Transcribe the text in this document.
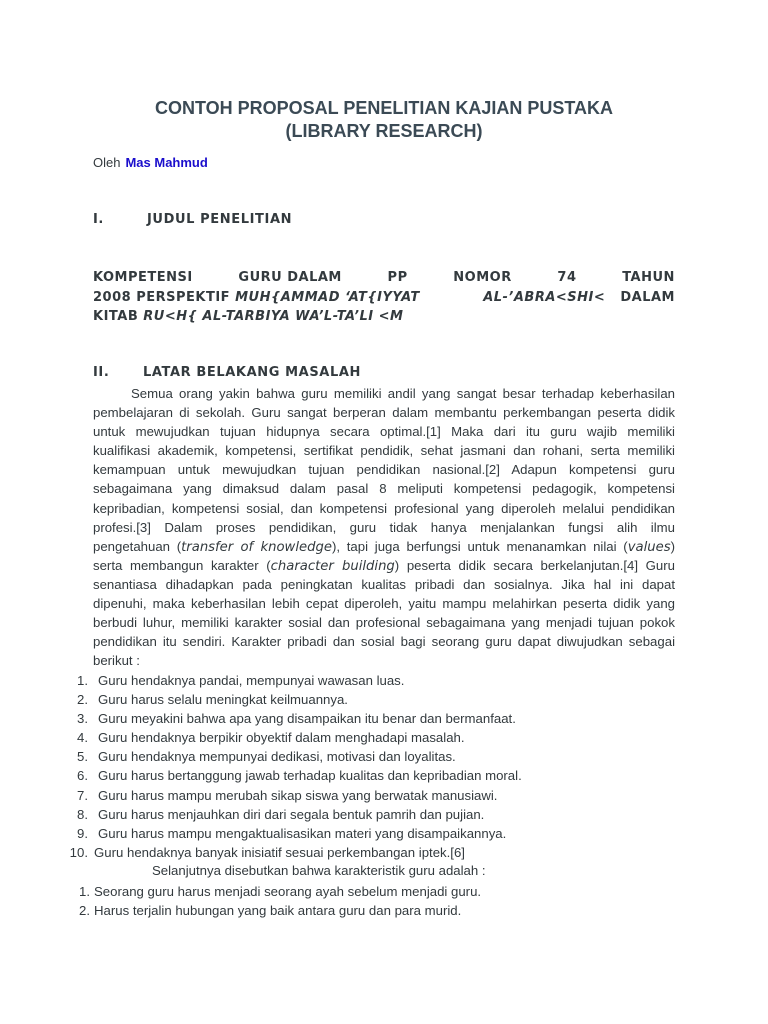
CONTOH PROPOSAL PENELITIAN KAJIAN PUSTAKA
(LIBRARY RESEARCH)
Oleh Mas Mahmud
I.	JUDUL PENELITIAN
KOMPETENSI	GURU DALAM	PP	NOMOR	74	TAHUN
2008 PERSPEKTIF MUH{AMMAD ‘AT{IYYAT	AL-’ABRA<SHI< DALAM
KITAB RU<H{ AL-TARBIYA WA’L-TA’LI <M
II.	LATAR BELAKANG MASALAH
Semua orang yakin bahwa guru memiliki andil yang sangat besar terhadap keberhasilan
pembelajaran di sekolah. Guru sangat berperan dalam membantu perkembangan peserta didik
untuk mewujudkan tujuan hidupnya secara optimal.[1] Maka dari itu guru wajib memiliki
kualifikasi akademik, kompetensi, sertifikat pendidik, sehat jasmani dan rohani, serta memiliki
kemampuan untuk mewujudkan tujuan pendidikan nasional.[2] Adapun kompetensi guru
sebagaimana yang dimaksud dalam pasal 8 meliputi kompetensi pedagogik, kompetensi
kepribadian, kompetensi sosial, dan kompetensi profesional yang diperoleh melalui pendidikan
profesi.[3] Dalam proses pendidikan, guru tidak hanya menjalankan fungsi alih ilmu
pengetahuan (transfer of knowledge), tapi juga berfungsi untuk menanamkan nilai (values)
serta membangun karakter (character building) peserta didik secara berkelanjutan.[4] Guru
senantiasa dihadapkan pada peningkatan kualitas pribadi dan sosialnya. Jika hal ini dapat
dipenuhi, maka keberhasilan lebih cepat diperoleh, yaitu mampu melahirkan peserta didik yang
berbudi luhur, memiliki karakter sosial dan profesional sebagaimana yang menjadi tujuan pokok
pendidikan itu sendiri. Karakter pribadi dan sosial bagi seorang guru dapat diwujudkan sebagai
berikut :
1. Guru hendaknya pandai, mempunyai wawasan luas.
2. Guru harus selalu meningkat keilmuannya.
3. Guru meyakini bahwa apa yang disampaikan itu benar dan bermanfaat.
4. Guru hendaknya berpikir obyektif dalam menghadapi masalah.
5. Guru hendaknya mempunyai dedikasi, motivasi dan loyalitas.
6. Guru harus bertanggung jawab terhadap kualitas dan kepribadian moral.
7. Guru harus mampu merubah sikap siswa yang berwatak manusiawi.
8. Guru harus menjauhkan diri dari segala bentuk pamrih dan pujian.
9. Guru harus mampu mengaktualisasikan materi yang disampaikannya.
10. Guru hendaknya banyak inisiatif sesuai perkembangan iptek.[6]
Selanjutnya disebutkan bahwa karakteristik guru adalah :
1. Seorang guru harus menjadi seorang ayah sebelum menjadi guru.
2. Harus terjalin hubungan yang baik antara guru dan para murid.
